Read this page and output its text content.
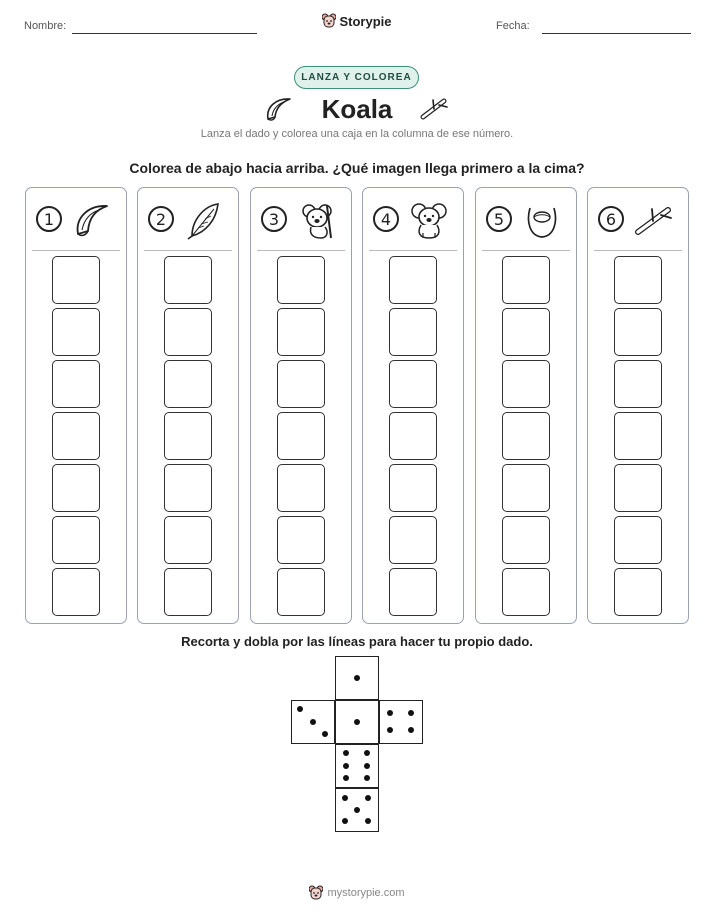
Nombre:	Fecha:
Storypie
LANZA Y COLOREA
Koala
Lanza el dado y colorea una caja en la columna de ese número.
Colorea de abajo hacia arriba. ¿Qué imagen llega primero a la cima?
1	2	3	4	5	6
Recorta y dobla por las líneas para hacer tu propio dado.
mystorypie.com
